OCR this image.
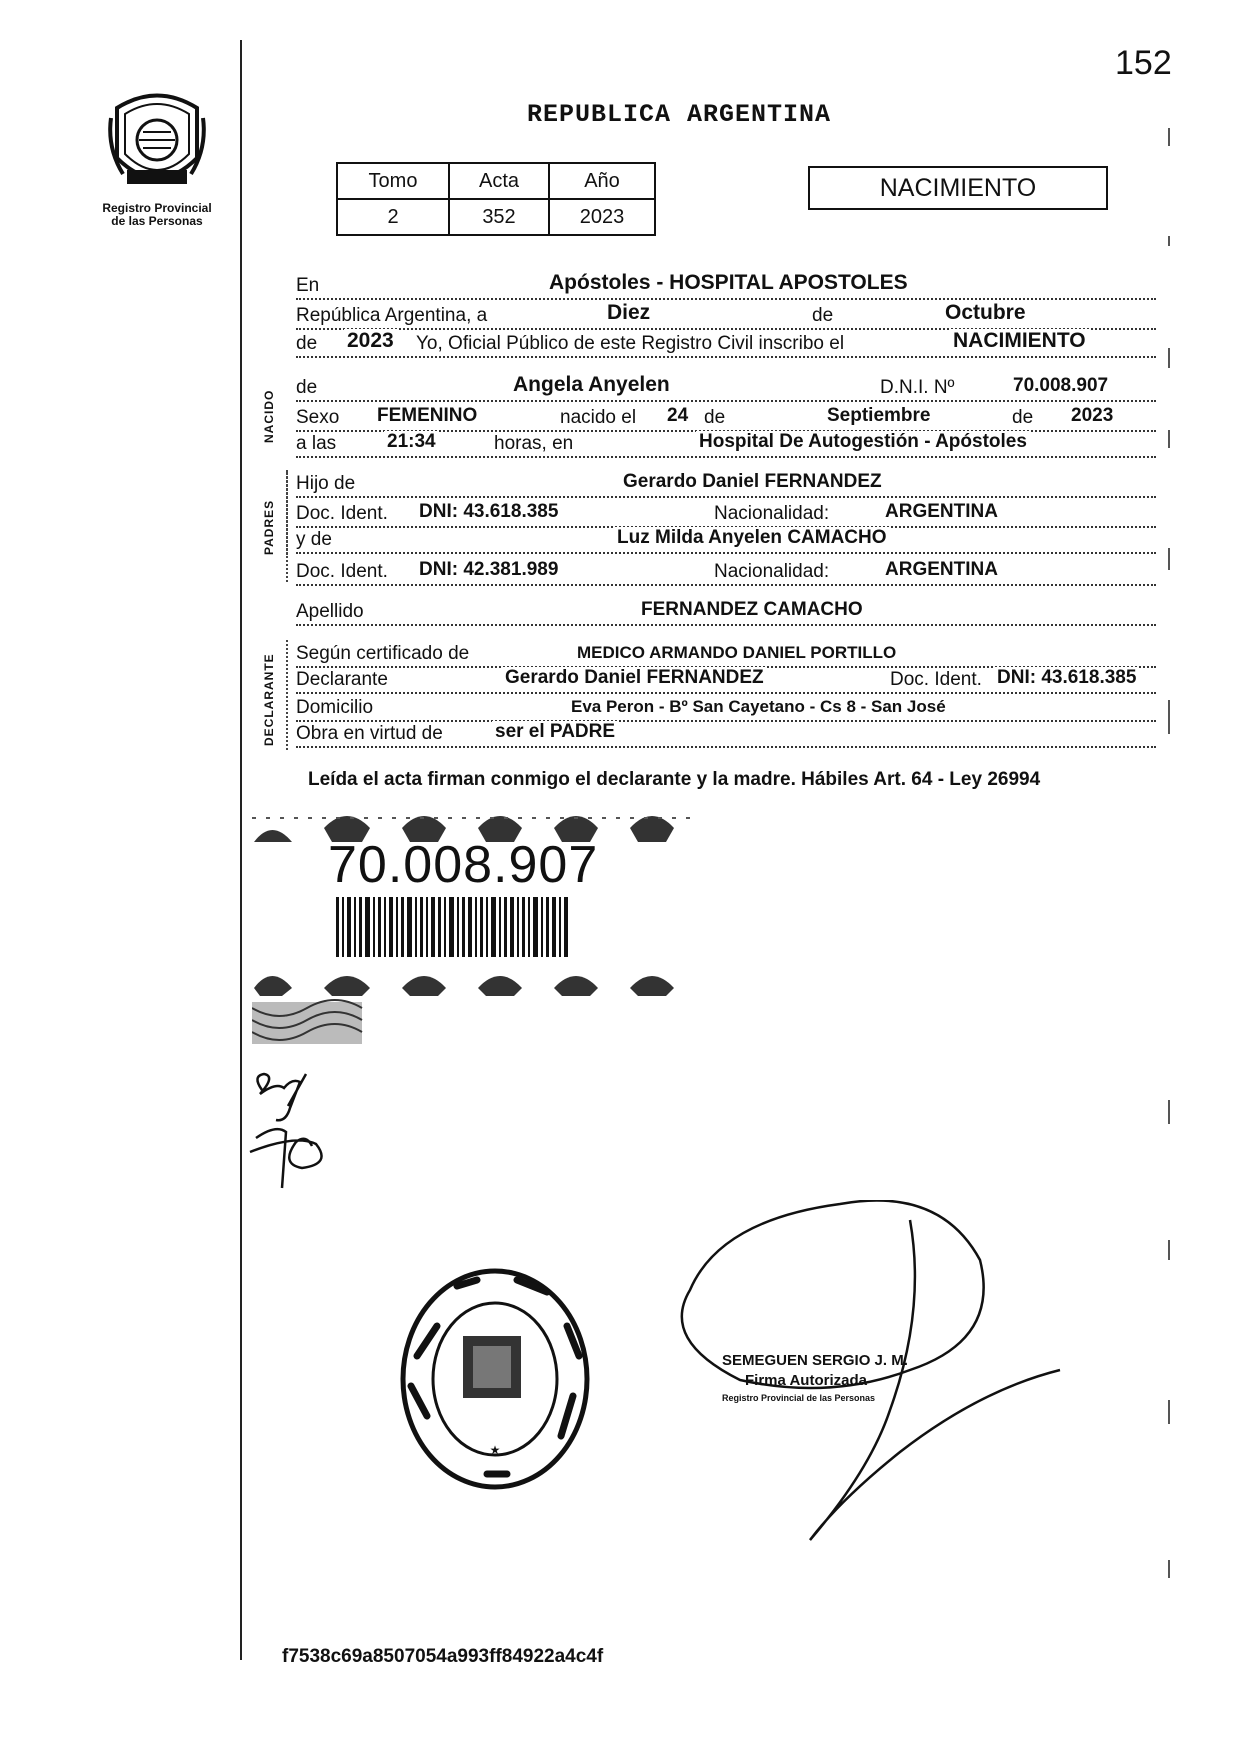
152
Registro Provincial
de las Personas
REPUBLICA ARGENTINA
Tomo	Acta	Año
2	352	2023
NACIMIENTO
NACIDO
PADRES
DECLARANTE
En	Apóstoles - HOSPITAL APOSTOLES
República Argentina, a	Diez	de	Octubre
de 2023 Yo, Oficial Público de este Registro Civil inscribo el	NACIMIENTO
de	Angela Anyelen	D.N.I. Nº	70.008.907
Sexo FEMENINO	nacido el 24 de	Septiembre	de 2023
a las	21:34	horas, en	Hospital De Autogestión - Apóstoles
Hijo de	Gerardo Daniel FERNANDEZ
Doc. Ident. DNI: 43.618.385	Nacionalidad:	ARGENTINA
y de	Luz Milda Anyelen CAMACHO
Doc. Ident. DNI: 42.381.989	Nacionalidad:	ARGENTINA
Apellido	FERNANDEZ CAMACHO
Según certificado de	MEDICO ARMANDO DANIEL PORTILLO
Declarante	Gerardo Daniel FERNANDEZ	Doc. Ident. DNI: 43.618.385
Domicilio	Eva Peron - Bº San Cayetano - Cs 8 - San José
Obra en virtud de	ser el PADRE
Leída el acta firman conmigo el declarante y la madre. Hábiles Art. 64 - Ley 26994
70.008.907
★
SEMEGUEN SERGIO J. M.
Firma Autorizada
Registro Provincial de las Personas
f7538c69a8507054a993ff84922a4c4f
